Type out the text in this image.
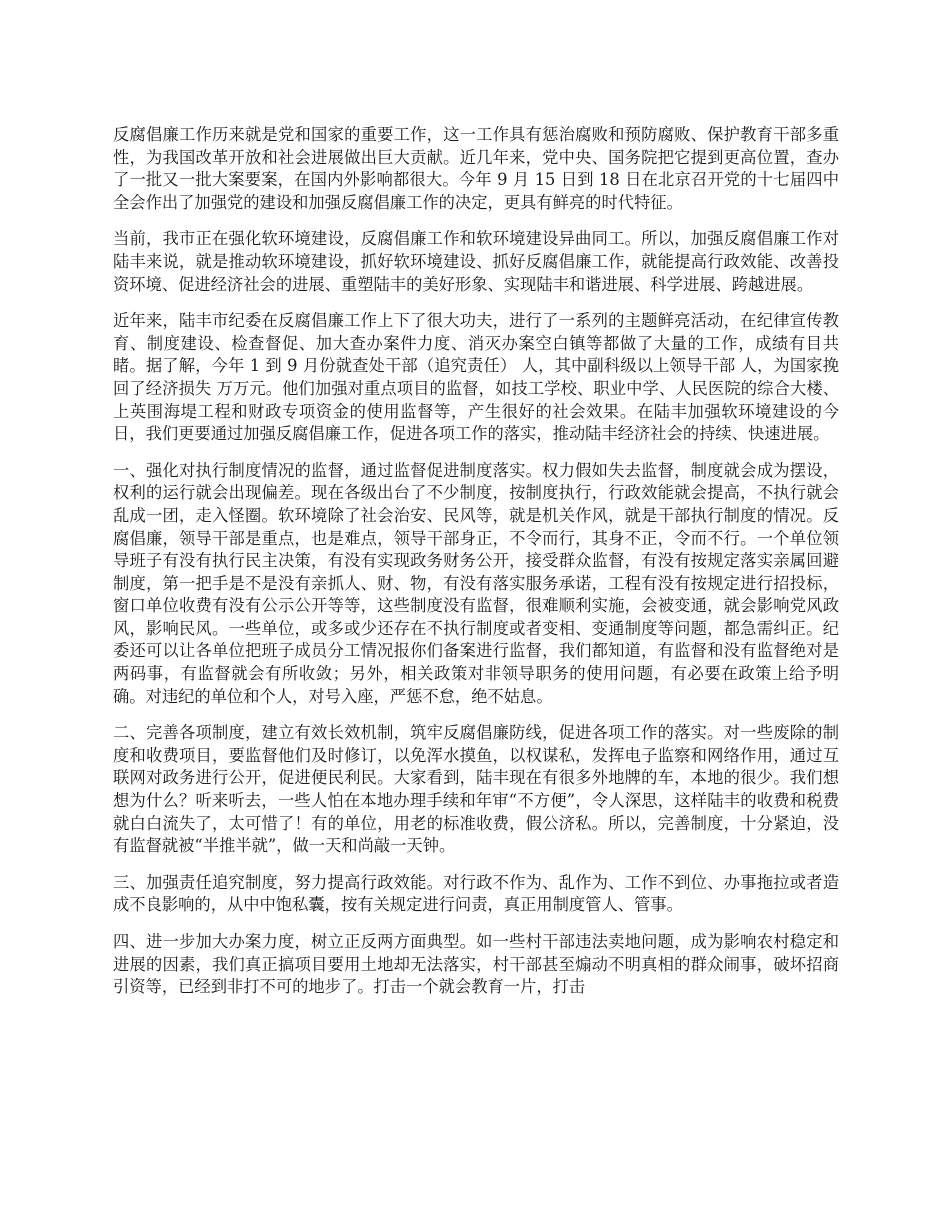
反腐倡廉工作历来就是党和国家的重要工作，这一工作具有惩治腐败和预防腐败、保护教育干部多重性，为我国改革开放和社会进展做出巨大贡献。近几年来，党中央、国务院把它提到更高位置，查办了一批又一批大案要案，在国内外影响都很大。今年 9 月 15 日到 18 日在北京召开党的十七届四中全会作出了加强党的建设和加强反腐倡廉工作的决定，更具有鲜亮的时代特征。

当前，我市正在强化软环境建设，反腐倡廉工作和软环境建设异曲同工。所以，加强反腐倡廉工作对陆丰来说，就是推动软环境建设，抓好软环境建设、抓好反腐倡廉工作，就能提高行政效能、改善投资环境、促进经济社会的进展、重塑陆丰的美好形象、实现陆丰和谐进展、科学进展、跨越进展。

近年来，陆丰市纪委在反腐倡廉工作上下了很大功夫，进行了一系列的主题鲜亮活动，在纪律宣传教育、制度建设、检查督促、加大查办案件力度、消灭办案空白镇等都做了大量的工作，成绩有目共睹。据了解，今年 1 到 9 月份就查处干部（追究责任） 人，其中副科级以上领导干部 人，为国家挽回了经济损失 万万元。他们加强对重点项目的监督，如技工学校、职业中学、人民医院的综合大楼、上英围海堤工程和财政专项资金的使用监督等，产生很好的社会效果。在陆丰加强软环境建设的今日，我们更要通过加强反腐倡廉工作，促进各项工作的落实，推动陆丰经济社会的持续、快速进展。

一、强化对执行制度情况的监督，通过监督促进制度落实。权力假如失去监督，制度就会成为摆设，权利的运行就会出现偏差。现在各级出台了不少制度，按制度执行，行政效能就会提高，不执行就会乱成一团，走入怪圈。软环境除了社会治安、民风等，就是机关作风，就是干部执行制度的情况。反腐倡廉，领导干部是重点，也是难点，领导干部身正，不令而行，其身不正，令而不行。一个单位领导班子有没有执行民主决策，有没有实现政务财务公开，接受群众监督，有没有按规定落实亲属回避制度，第一把手是不是没有亲抓人、财、物，有没有落实服务承诺，工程有没有按规定进行招投标，窗口单位收费有没有公示公开等等，这些制度没有监督，很难顺利实施，会被变通，就会影响党风政风，影响民风。一些单位，或多或少还存在不执行制度或者变相、变通制度等问题，都急需纠正。纪委还可以让各单位把班子成员分工情况报你们备案进行监督，我们都知道，有监督和没有监督绝对是两码事，有监督就会有所收敛；另外，相关政策对非领导职务的使用问题，有必要在政策上给予明确。对违纪的单位和个人，对号入座，严惩不怠，绝不姑息。

二、完善各项制度，建立有效长效机制，筑牢反腐倡廉防线，促进各项工作的落实。对一些废除的制度和收费项目，要监督他们及时修订，以免浑水摸鱼，以权谋私，发挥电子监察和网络作用，通过互联网对政务进行公开，促进便民利民。大家看到，陆丰现在有很多外地牌的车，本地的很少。我们想想为什么？听来听去，一些人怕在本地办理手续和年审“不方便”，令人深思，这样陆丰的收费和税费就白白流失了，太可惜了！有的单位，用老的标准收费，假公济私。所以，完善制度，十分紧迫，没有监督就被“半推半就”，做一天和尚敲一天钟。

三、加强责任追究制度，努力提高行政效能。对行政不作为、乱作为、工作不到位、办事拖拉或者造成不良影响的，从中中饱私囊，按有关规定进行问责，真正用制度管人、管事。

四、进一步加大办案力度，树立正反两方面典型。如一些村干部违法卖地问题，成为影响农村稳定和进展的因素，我们真正搞项目要用土地却无法落实，村干部甚至煽动不明真相的群众闹事，破坏招商引资等，已经到非打不可的地步了。打击一个就会教育一片，打击
